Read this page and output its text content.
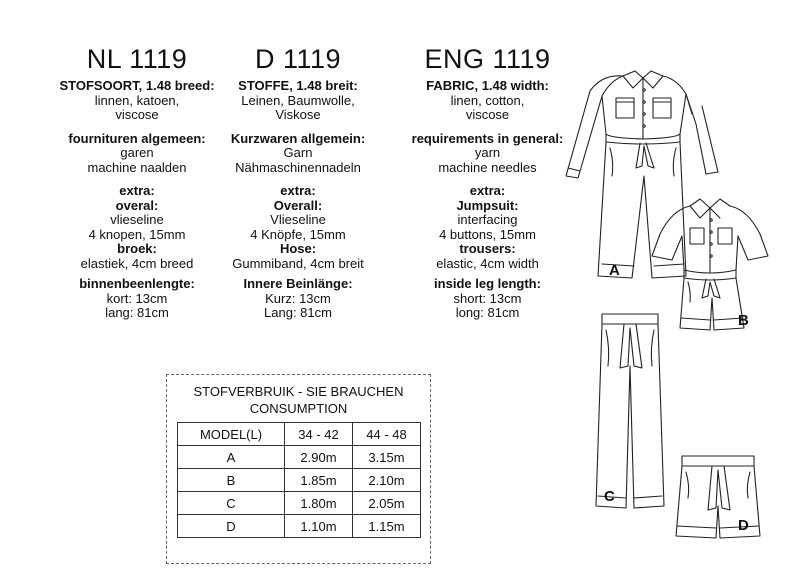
NL 1119
STOFSOORT, 1.48 breed:
linnen, katoen,
viscose
fournituren algemeen:
garen
machine naalden
extra:
overal:
vlieseline
4 knopen, 15mm
broek:
elastiek, 4cm breed
binnenbeenlengte:
kort: 13cm
lang: 81cm
D 1119
STOFFE, 1.48 breit:
Leinen, Baumwolle,
Viskose
Kurzwaren allgemein:
Garn
Nähmaschinennadeln
extra:
Overall:
Vlieseline
4 Knöpfe, 15mm
Hose:
Gummiband, 4cm breit
Innere Beinlänge:
Kurz: 13cm
Lang: 81cm
ENG 1119
FABRIC, 1.48 width:
linen, cotton,
viscose
requirements in general:
yarn
machine needles
extra:
Jumpsuit:
interfacing
4 buttons, 15mm
trousers:
elastic, 4cm width
inside leg length:
short: 13cm
long: 81cm
STOFVERBRUIK - SIE BRAUCHEN
CONSUMPTION
MODEL(L)	34 - 42	44 - 48
A	2.90m	3.15m
B	1.85m	2.10m
C	1.80m	2.05m
D	1.10m	1.15m
A
B
C
D
